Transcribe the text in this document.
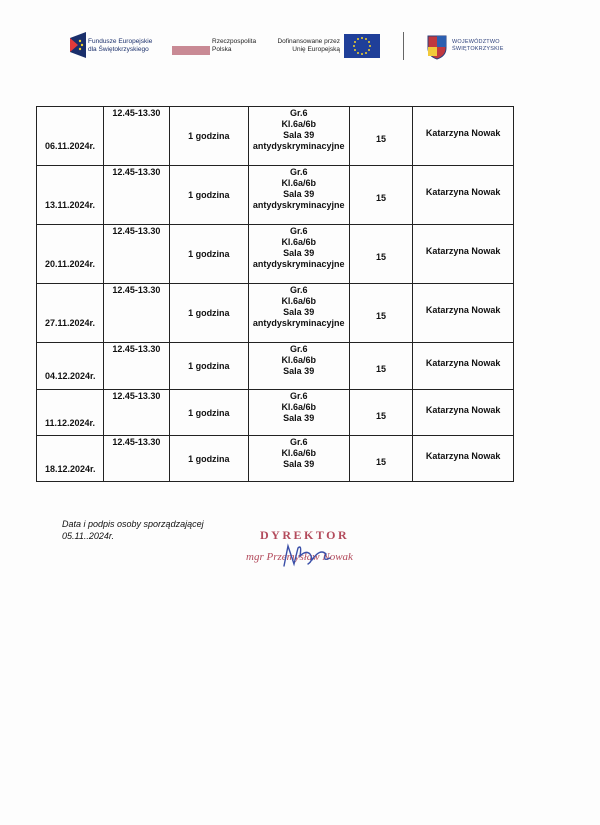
Fundusze Europejskie
dla Świętokrzyskiego
Rzeczpospolita
Polska
Dofinansowane przez
Unię Europejską
WOJEWÓDZTWO
ŚWIĘTOKRZYSKIE
06.11.2024r.	12.45-13.30	1 godzina	Gr.6
Kl.6a/6b
Sala 39
antydyskryminacyjne	15	Katarzyna Nowak

13.11.2024r.	12.45-13.30	1 godzina	Gr.6
Kl.6a/6b
Sala 39
antydyskryminacyjne	15	Katarzyna Nowak

20.11.2024r.	12.45-13.30	1 godzina	Gr.6
Kl.6a/6b
Sala 39
antydyskryminacyjne	15	Katarzyna Nowak

27.11.2024r.	12.45-13.30	1 godzina	Gr.6
Kl.6a/6b
Sala 39
antydyskryminacyjne	15	Katarzyna Nowak

04.12.2024r.	12.45-13.30	1 godzina	Gr.6
Kl.6a/6b
Sala 39	15	Katarzyna Nowak

11.12.2024r.	12.45-13.30	1 godzina	Gr.6
Kl.6a/6b
Sala 39	15	Katarzyna Nowak

18.12.2024r.	12.45-13.30	1 godzina	Gr.6
Kl.6a/6b
Sala 39	15	Katarzyna Nowak
Data i podpis osoby sporządzającej
05.11..2024r.	DYREKTOR
mgr Przemysław Nowak
